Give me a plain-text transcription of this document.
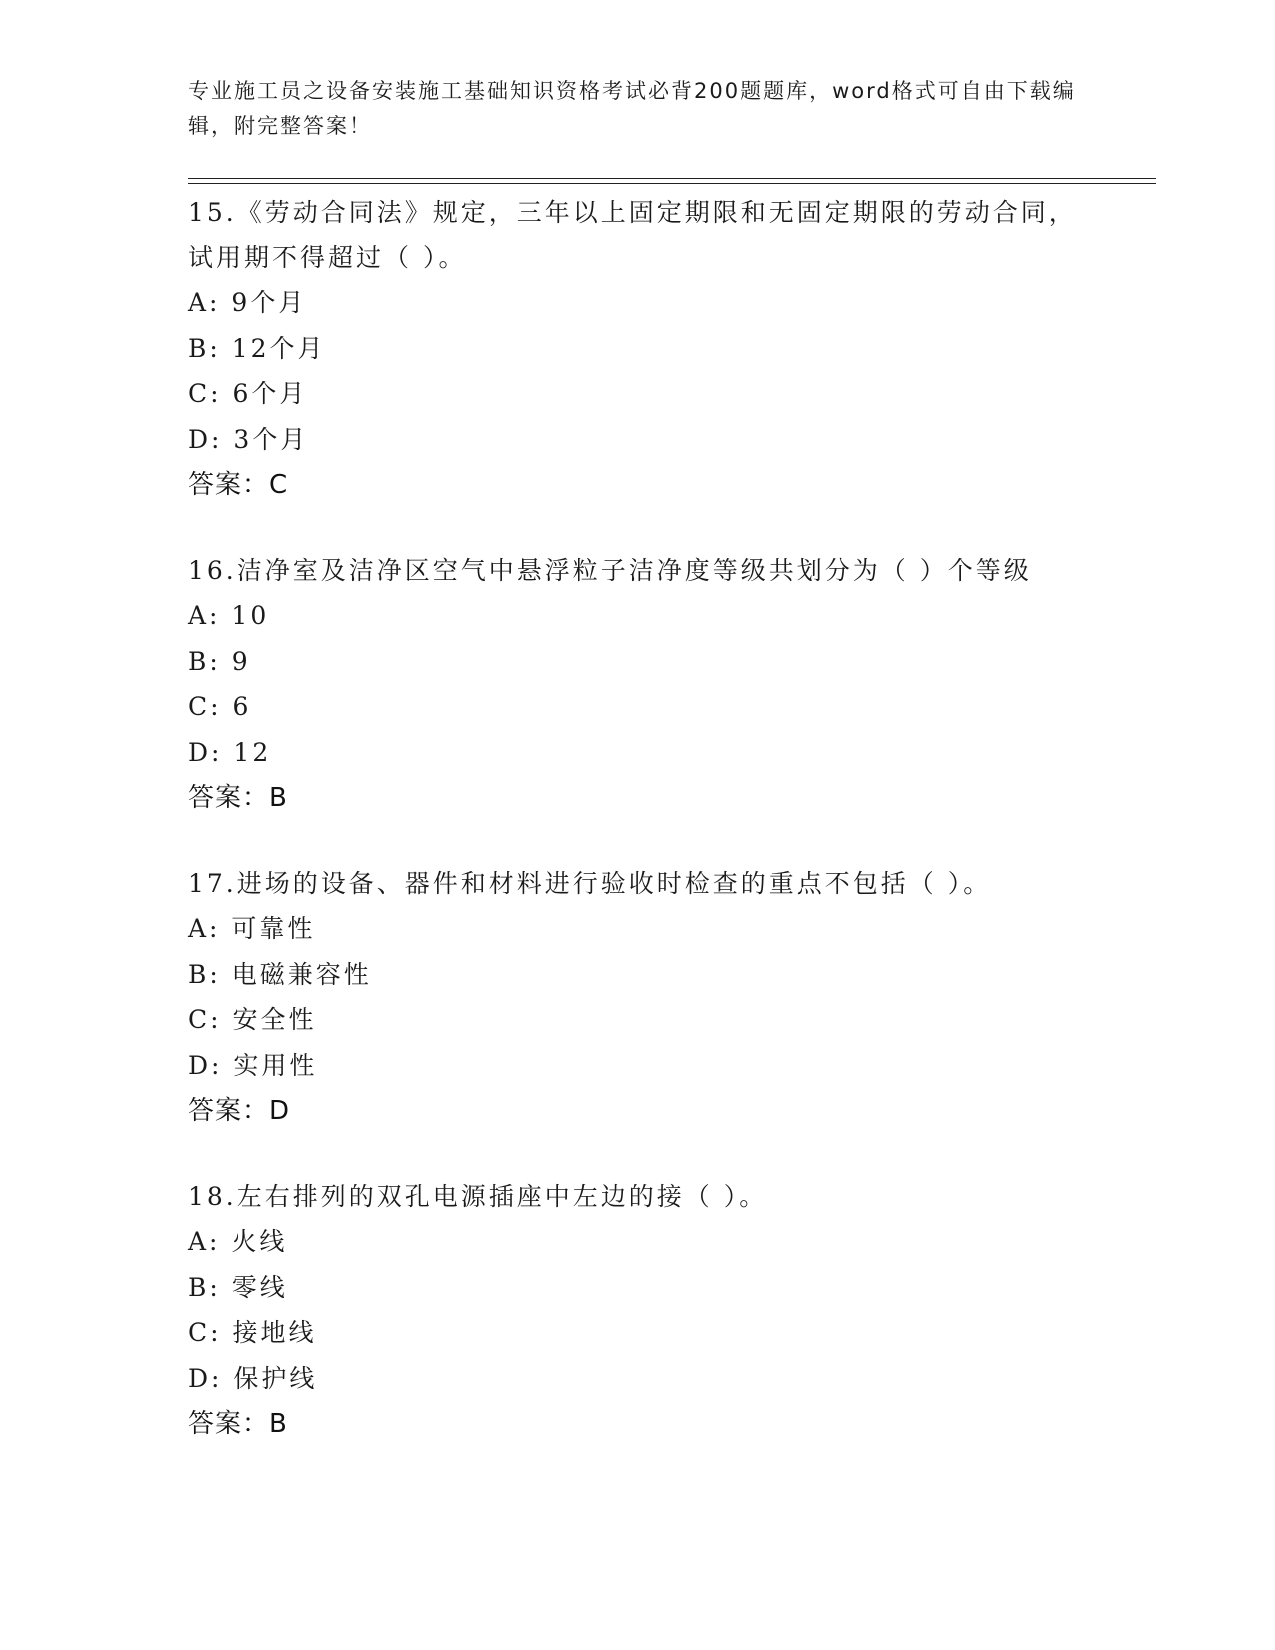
专业施工员之设备安装施工基础知识资格考试必背200题题库，word格式可自由下载编辑，附完整答案！
15.《劳动合同法》规定，三年以上固定期限和无固定期限的劳动合同，试用期不得超过（ ）。
A: 9个月
B: 12个月
C: 6个月
D: 3个月
答案：C
16.洁净室及洁净区空气中悬浮粒子洁净度等级共划分为（ ）个等级
A: 10
B: 9
C: 6
D: 12
答案：B
17.进场的设备、器件和材料进行验收时检查的重点不包括（ ）。
A: 可靠性
B: 电磁兼容性
C: 安全性
D: 实用性
答案：D
18.左右排列的双孔电源插座中左边的接（ ）。
A: 火线
B: 零线
C: 接地线
D: 保护线
答案：B
